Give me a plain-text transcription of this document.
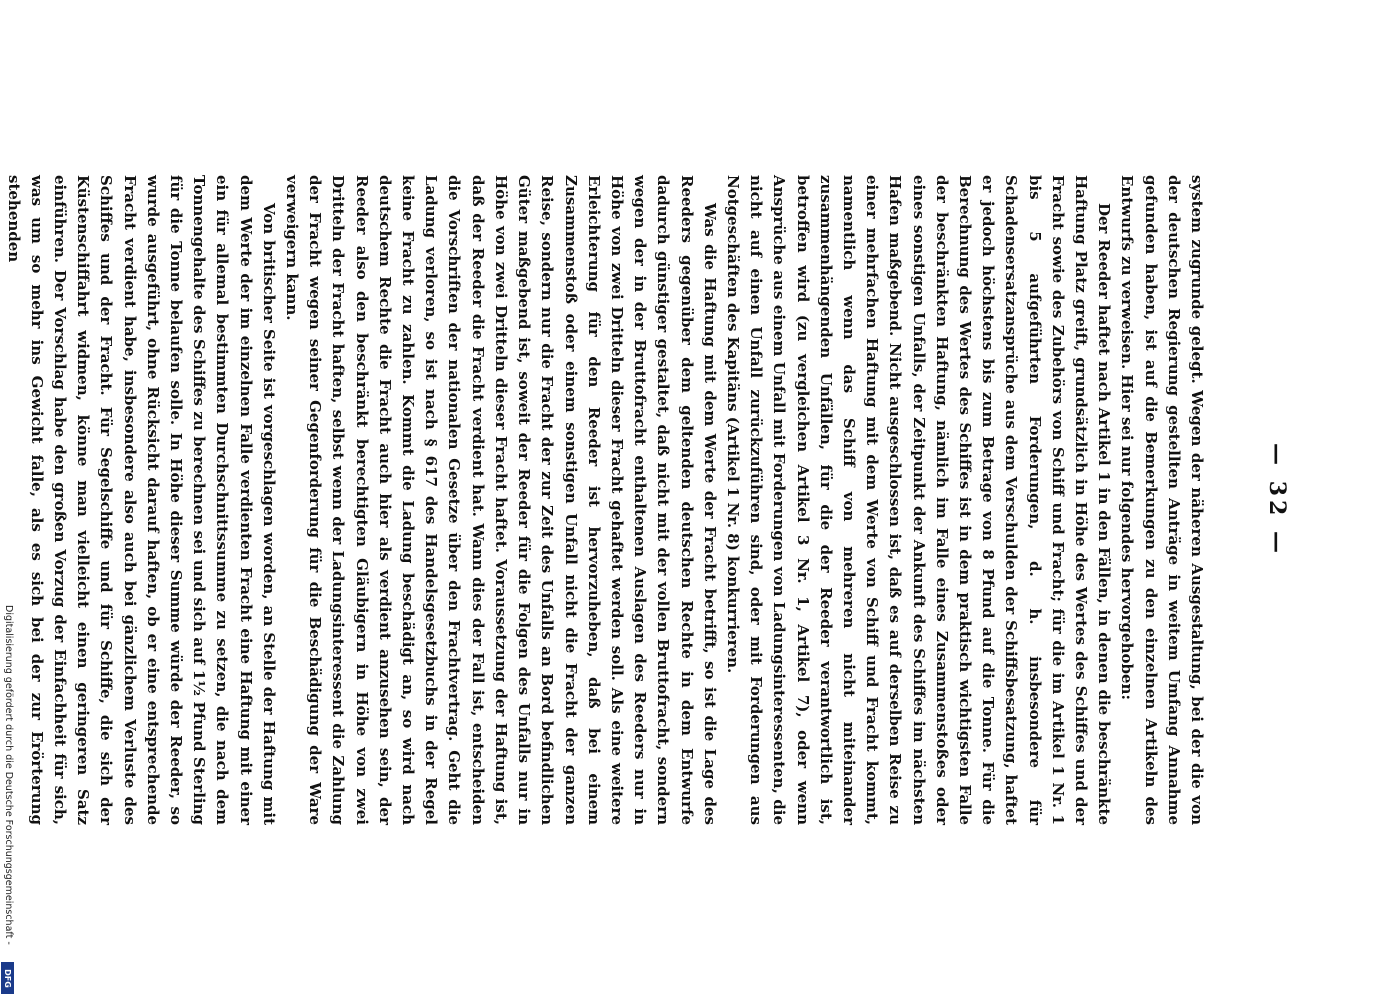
— 32 —

system zugrunde gelegt. Wegen der näheren Ausgestaltung, bei der die von der deutschen Regierung gestellten Anträge in weitem Umfang Annahme gefunden haben, ist auf die Bemerkungen zu den einzelnen Artikeln des Entwurfs zu verweisen. Hier sei nur folgendes hervorgehoben:

Der Reeder haftet nach Artikel 1 in den Fällen, in denen die beschränkte Haftung Platz greift, grundsätzlich in Höhe des Wertes des Schiffes und der Fracht sowie des Zubehörs von Schiff und Fracht; für die im Artikel 1 Nr. 1 bis 5 aufgeführten Forderungen, d. h. insbesondere für Schadensersatzansprüche aus dem Verschulden der Schiffsbesatzung, haftet er jedoch höchstens bis zum Betrage von 8 Pfund auf die Tonne. Für die Berechnung des Wertes des Schiffes ist in dem praktisch wichtigsten Falle der beschränkten Haftung, nämlich im Falle eines Zusammenstoßes oder eines sonstigen Unfalls, der Zeitpunkt der Ankunft des Schiffes im nächsten Hafen maßgebend. Nicht ausgeschlossen ist, daß es auf derselben Reise zu einer mehrfachen Haftung mit dem Werte von Schiff und Fracht kommt, namentlich wenn das Schiff von mehreren nicht miteinander zusammenhängenden Unfällen, für die der Reeder verantwortlich ist, betroffen wird (zu vergleichen Artikel 3 Nr. 1, Artikel 7), oder wenn Ansprüche aus einem Unfall mit Forderungen von Ladungsinteressenten, die nicht auf einen Unfall zurückzuführen sind, oder mit Forderungen aus Notgeschäften des Kapitäns (Artikel 1 Nr. 8) konkurrieren.

Was die Haftung mit dem Werte der Fracht betrifft, so ist die Lage des Reeders gegenüber dem geltenden deutschen Rechte in dem Entwurfe dadurch günstiger gestaltet, daß nicht mit der vollen Bruttofracht, sondern wegen der in der Bruttofracht enthaltenen Auslagen des Reeders nur in Höhe von zwei Dritteln dieser Fracht gehaftet werden soll. Als eine weitere Erleichterung für den Reeder ist hervorzuheben, daß bei einem Zusammenstoß oder einem sonstigen Unfall nicht die Fracht der ganzen Reise, sondern nur die Fracht der zur Zeit des Unfalls an Bord befindlichen Güter maßgebend ist, soweit der Reeder für die Folgen des Unfalls nur in Höhe von zwei Dritteln dieser Fracht haftet. Voraussetzung der Haftung ist, daß der Reeder die Fracht verdient hat. Wann dies der Fall ist, entscheiden die Vorschriften der nationalen Gesetze über den Frachtvertrag. Geht die Ladung verloren, so ist nach § 617 des Handelsgesetzbuchs in der Regel keine Fracht zu zahlen. Kommt die Ladung beschädigt an, so wird nach deutschem Rechte die Fracht auch hier als verdient anzusehen sein, der Reeder also den beschränkt berechtigten Gläubigern in Höhe von zwei Dritteln der Fracht haften, selbst wenn der Ladungsinteressent die Zahlung der Fracht wegen seiner Gegenforderung für die Beschädigung der Ware verweigern kann.

Von britischer Seite ist vorgeschlagen worden, an Stelle der Haftung mit dem Werte der im einzelnen Falle verdienten Fracht eine Haftung mit einer ein für allemal bestimmten Durchschnittssumme zu setzen, die nach dem Tonnengehalte des Schiffes zu berechnen sei und sich auf 1½ Pfund Sterling für die Tonne belaufen solle. In Höhe dieser Summe würde der Reeder, so wurde ausgeführt, ohne Rücksicht darauf haften, ob er eine entsprechende Fracht verdient habe, insbesondere also auch bei gänzlichem Verluste des Schiffes und der Fracht. Für Segelschiffe und für Schiffe, die sich der Küstenschiffahrt widmen, könne man vielleicht einen geringeren Satz einführen. Der Vorschlag habe den großen Vorzug der Einfachheit für sich, was um so mehr ins Gewicht falle, als es sich bei der zur Erörterung stehenden

Digitalisierung gefördert durch die Deutsche Forschungsgemeinschaft -
DFG
